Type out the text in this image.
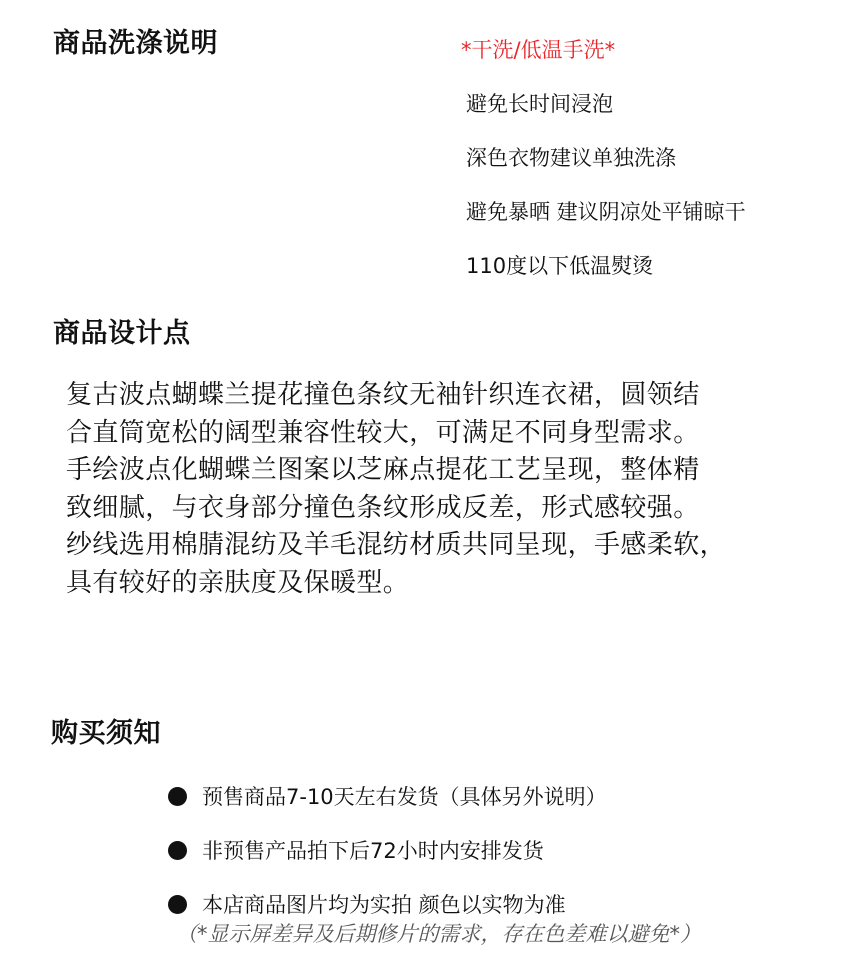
商品洗涤说明	*干洗/低温手洗*
避免长时间浸泡
深色衣物建议单独洗涤
避免暴晒 建议阴凉处平铺晾干
110度以下低温熨烫
商品设计点

复古波点蝴蝶兰提花撞色条纹无袖针织连衣裙，圆领结
合直筒宽松的阔型兼容性较大，可满足不同身型需求。
手绘波点化蝴蝶兰图案以芝麻点提花工艺呈现，整体精
致细腻，与衣身部分撞色条纹形成反差，形式感较强。
纱线选用棉腈混纺及羊毛混纺材质共同呈现，手感柔软，
具有较好的亲肤度及保暖型。

购买须知
预售商品7-10天左右发货（具体另外说明）
非预售产品拍下后72小时内安排发货
本店商品图片均为实拍 颜色以实物为准
（*显示屏差异及后期修片的需求，存在色差难以避免*）
